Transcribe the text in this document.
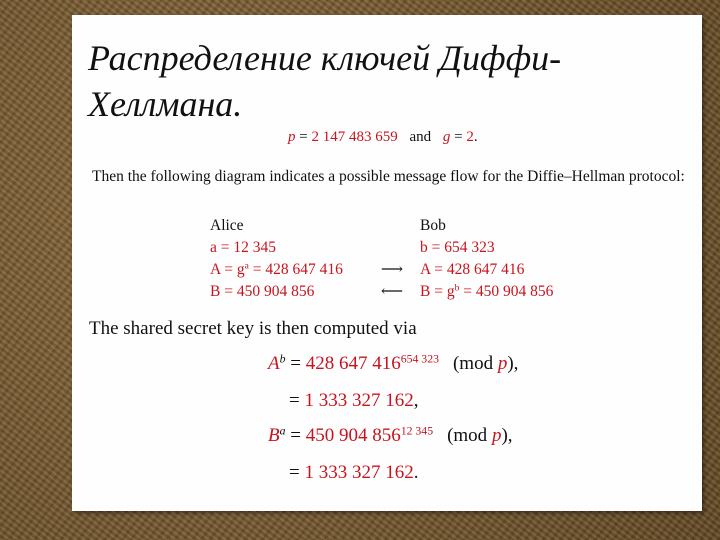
Распределение ключей Диффи-Хеллмана.
p = 2 147 483 659 and g = 2.
Then the following diagram indicates a possible message flow for the Diffie–Hellman protocol:
Alice	Bob
a = 12 345	b = 654 323
$A = g^a = 428$ 647 416	⟶	A = 428 647 416
B = 450 904 856	⟵	$B = g^b = 450$ 904 856
The shared secret key is then computed via
$A^b = 428$ 647 $416^{654 323}$ (mod p),
= 1 333 327 162,
$B^a = 450$ 904 $856^{12 345}$ (mod p),
= 1 333 327 162.
